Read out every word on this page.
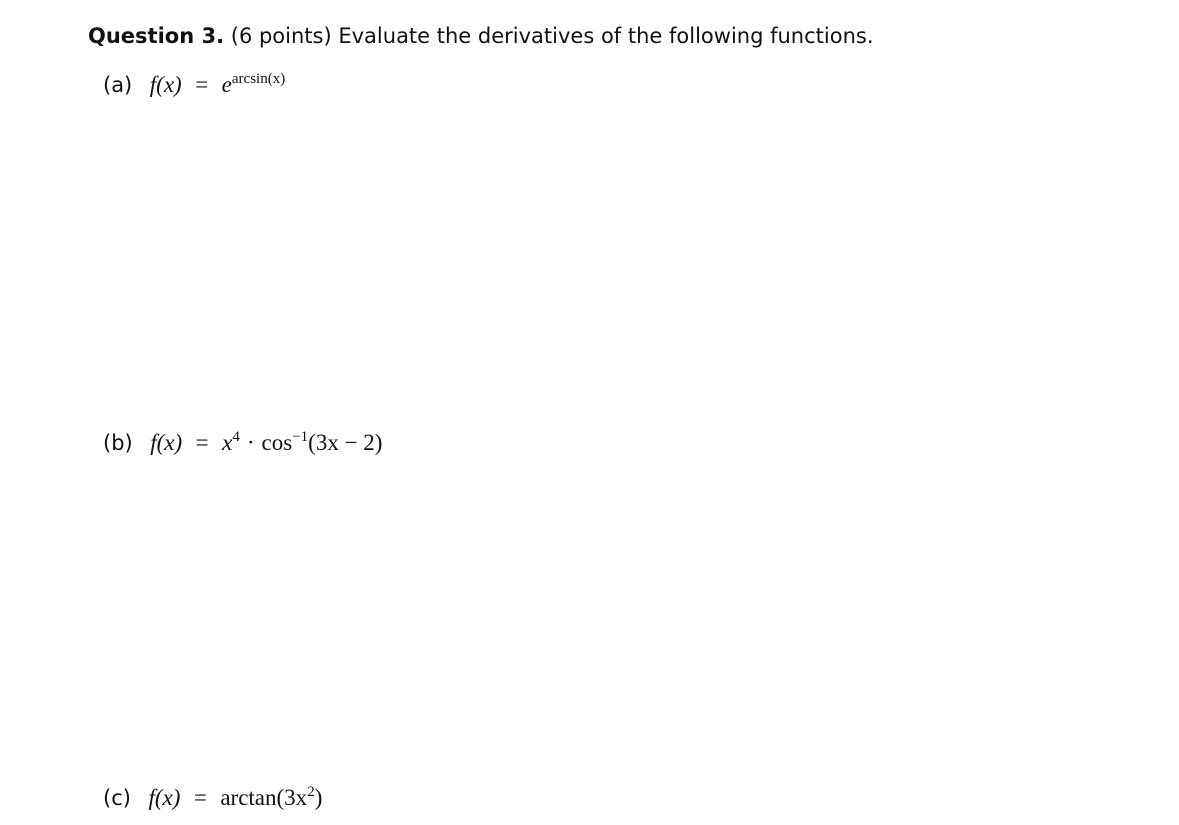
Question 3. (6 points) Evaluate the derivatives of the following functions.
(a) $f(x) = e^{arcsin(x)}$
(b) $f(x) = x^4 \cdot \cos^{-1}(3x - 2)$
(c) $f(x) = \arctan(3x^2)$
